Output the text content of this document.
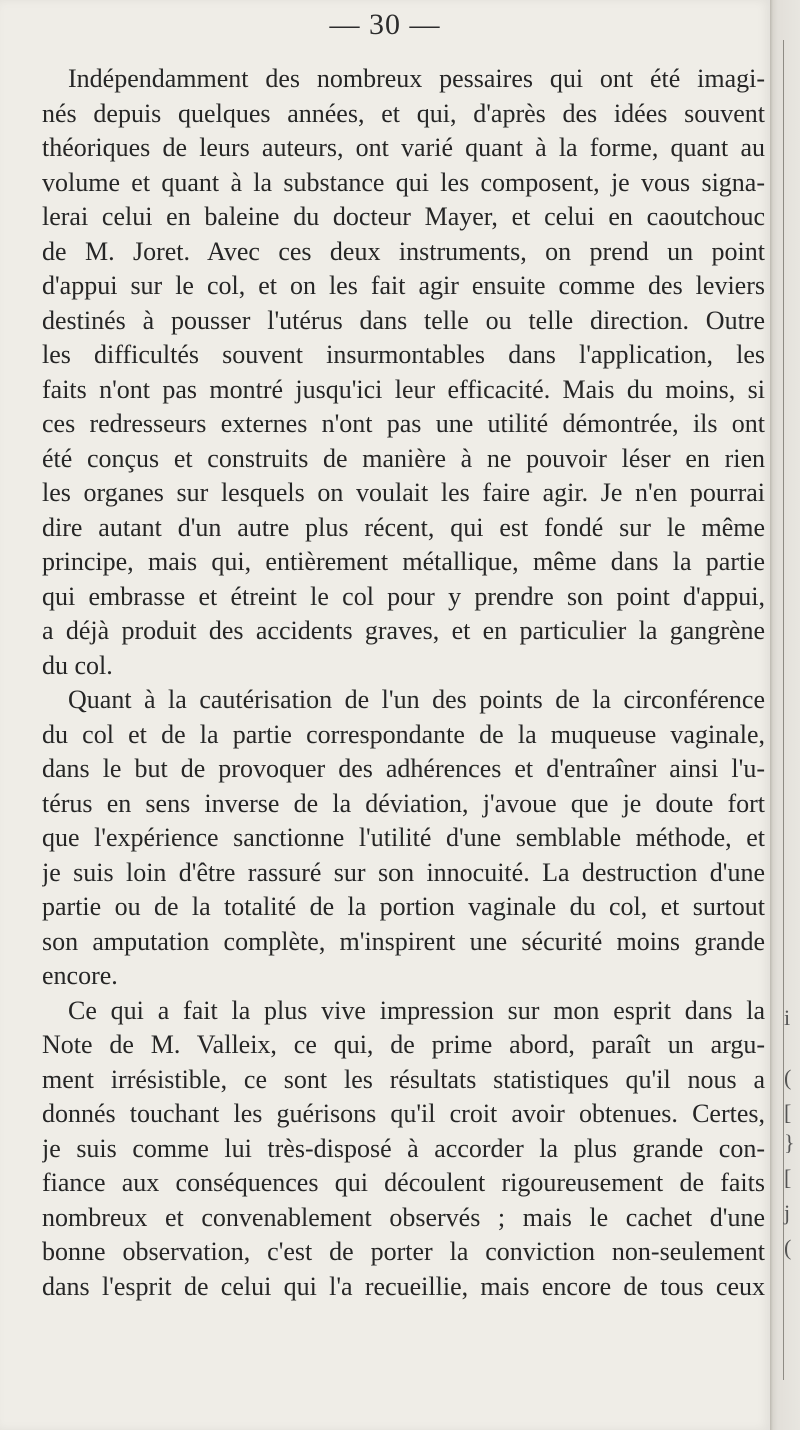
— 30 —
Indépendamment des nombreux pessaires qui ont été imagi-
nés depuis quelques années, et qui, d'après des idées souvent
théoriques de leurs auteurs, ont varié quant à la forme, quant au
volume et quant à la substance qui les composent, je vous signa-
lerai celui en baleine du docteur Mayer, et celui en caoutchouc
de M. Joret. Avec ces deux instruments, on prend un point
d'appui sur le col, et on les fait agir ensuite comme des leviers
destinés à pousser l'utérus dans telle ou telle direction. Outre
les difficultés souvent insurmontables dans l'application, les
faits n'ont pas montré jusqu'ici leur efficacité. Mais du moins, si
ces redresseurs externes n'ont pas une utilité démontrée, ils ont
été conçus et construits de manière à ne pouvoir léser en rien
les organes sur lesquels on voulait les faire agir. Je n'en pourrai
dire autant d'un autre plus récent, qui est fondé sur le même
principe, mais qui, entièrement métallique, même dans la partie
qui embrasse et étreint le col pour y prendre son point d'appui,
a déjà produit des accidents graves, et en particulier la gangrène
du col.
Quant à la cautérisation de l'un des points de la circonférence
du col et de la partie correspondante de la muqueuse vaginale,
dans le but de provoquer des adhérences et d'entraîner ainsi l'u-
térus en sens inverse de la déviation, j'avoue que je doute fort
que l'expérience sanctionne l'utilité d'une semblable méthode, et
je suis loin d'être rassuré sur son innocuité. La destruction d'une
partie ou de la totalité de la portion vaginale du col, et surtout
son amputation complète, m'inspirent une sécurité moins grande
encore.
Ce qui a fait la plus vive impression sur mon esprit dans la
Note de M. Valleix, ce qui, de prime abord, paraît un argu-
ment irrésistible, ce sont les résultats statistiques qu'il nous a
donnés touchant les guérisons qu'il croit avoir obtenues. Certes,
je suis comme lui très-disposé à accorder la plus grande con-
fiance aux conséquences qui découlent rigoureusement de faits
nombreux et convenablement observés ; mais le cachet d'une
bonne observation, c'est de porter la conviction non-seulement
dans l'esprit de celui qui l'a recueillie, mais encore de tous ceux
i
(
[
}
[
j
(
